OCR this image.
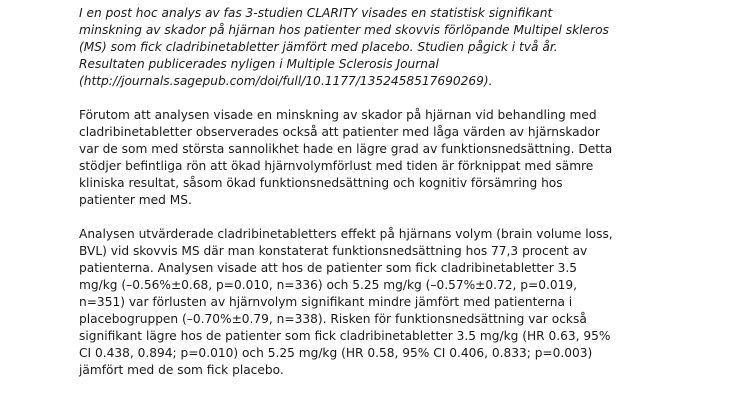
I en post hoc analys av fas 3-studien CLARITY visades en statistisk signifikant minskning av skador på hjärnan hos patienter med skovvis förlöpande Multipel skleros (MS) som fick cladribinetabletter jämfört med placebo. Studien pågick i två år. Resultaten publicerades nyligen i Multiple Sclerosis Journal (http://journals.sagepub.com/doi/full/10.1177/1352458517690269).

Förutom att analysen visade en minskning av skador på hjärnan vid behandling med cladribinetabletter observerades också att patienter med låga värden av hjärnskador var de som med största sannolikhet hade en lägre grad av funktionsnedsättning. Detta stödjer befintliga rön att ökad hjärnvolymförlust med tiden är förknippat med sämre kliniska resultat, såsom ökad funktionsnedsättning och kognitiv försämring hos patienter med MS.

Analysen utvärderade cladribinetabletters effekt på hjärnans volym (brain volume loss, BVL) vid skovvis MS där man konstaterat funktionsnedsättning hos 77,3 procent av patienterna. Analysen visade att hos de patienter som fick cladribinetabletter 3.5 mg/kg (–0.56%±0.68, p=0.010, n=336) och 5.25 mg/kg (–0.57%±0.72, p=0.019, n=351) var förlusten av hjärnvolym signifikant mindre jämfört med patienterna i placebogruppen (–0.70%±0.79, n=338). Risken för funktionsnedsättning var också signifikant lägre hos de patienter som fick cladribinetabletter 3.5 mg/kg (HR 0.63, 95% CI 0.438, 0.894; p=0.010) och 5.25 mg/kg (HR 0.58, 95% CI 0.406, 0.833; p=0.003) jämfört med de som fick placebo.
